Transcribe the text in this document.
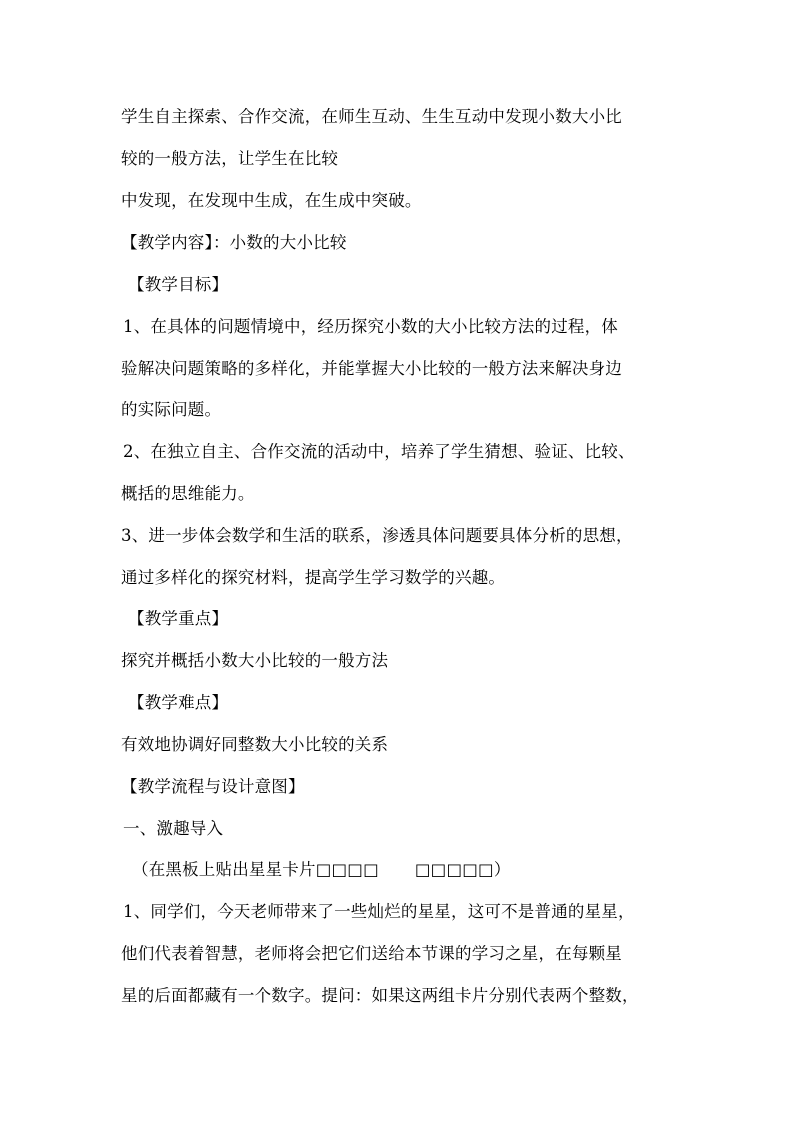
学生自主探索、合作交流，在师生互动、生生互动中发现小数大小比
较的一般方法，让学生在比较
中发现，在发现中生成，在生成中突破。
【教学内容】：小数的大小比较
【教学目标】
1、在具体的问题情境中，经历探究小数的大小比较方法的过程，体
验解决问题策略的多样化，并能掌握大小比较的一般方法来解决身边
的实际问题。
2、在独立自主、合作交流的活动中，培养了学生猜想、验证、比较、
概括的思维能力。
3、进一步体会数学和生活的联系，渗透具体问题要具体分析的思想，
通过多样化的探究材料，提高学生学习数学的兴趣。
【教学重点】
探究并概括小数大小比较的一般方法
【教学难点】
有效地协调好同整数大小比较的关系
【教学流程与设计意图】
一、激趣导入
（在黑板上贴出星星卡片□□□□ □□□□□）
1、同学们，今天老师带来了一些灿烂的星星，这可不是普通的星星，
他们代表着智慧，老师将会把它们送给本节课的学习之星，在每颗星
星的后面都藏有一个数字。提问：如果这两组卡片分别代表两个整数，
